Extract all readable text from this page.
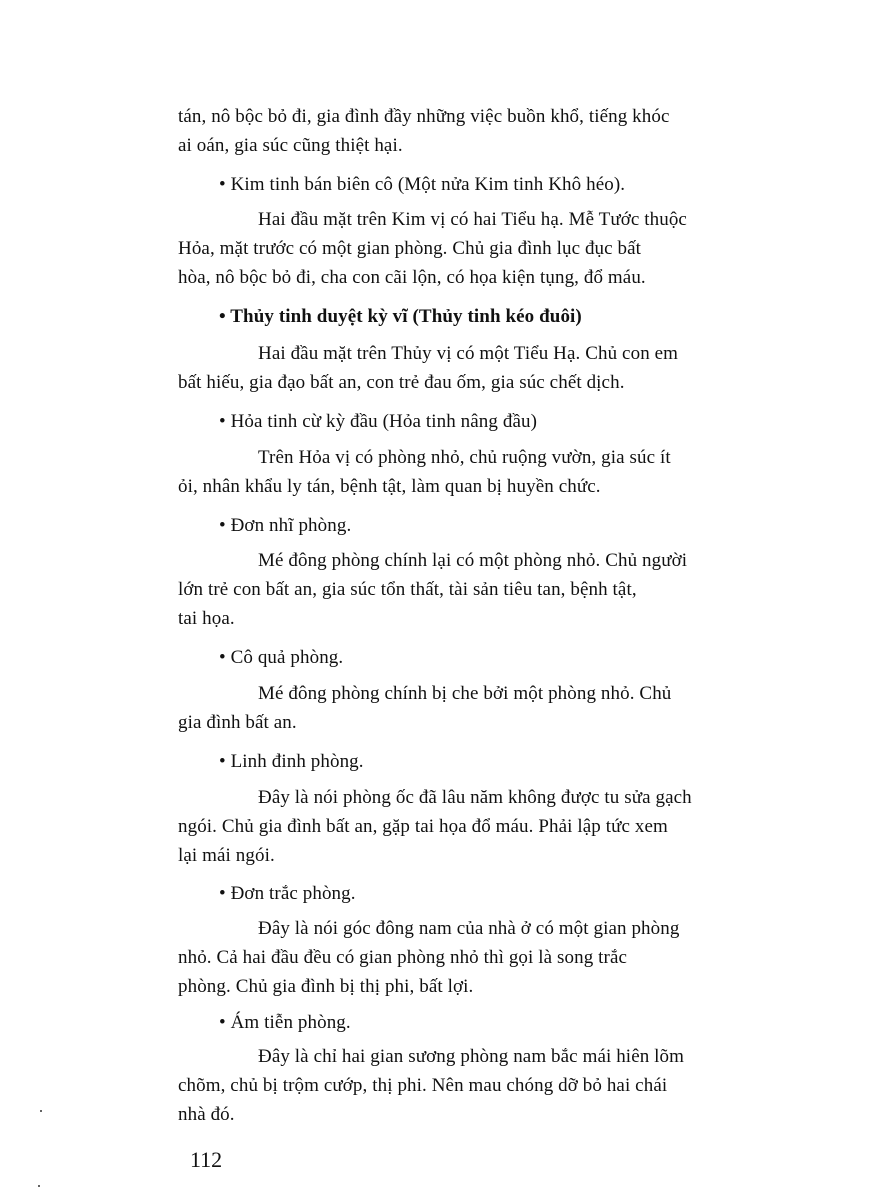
tán, nô bộc bỏ đi, gia đình đầy những việc buồn khổ, tiếng khóc
ai oán, gia súc cũng thiệt hại.
• Kim tinh bán biên cô (Một nửa Kim tinh Khô héo).
Hai đầu mặt trên Kim vị có hai Tiểu hạ. Mễ Tước thuộc
Hỏa, mặt trước có một gian phòng. Chủ gia đình lục đục bất
hòa, nô bộc bỏ đi, cha con cãi lộn, có họa kiện tụng, đổ máu.
• Thủy tinh duyệt kỳ vĩ (Thủy tinh kéo đuôi)
Hai đầu mặt trên Thủy vị có một Tiểu Hạ. Chủ con em
bất hiếu, gia đạo bất an, con trẻ đau ốm, gia súc chết dịch.
• Hỏa tinh cừ kỳ đầu (Hỏa tinh nâng đầu)
Trên Hỏa vị có phòng nhỏ, chủ ruộng vườn, gia súc ít
ỏi, nhân khẩu ly tán, bệnh tật, làm quan bị huyền chức.
• Đơn nhĩ phòng.
Mé đông phòng chính lại có một phòng nhỏ. Chủ người
lớn trẻ con bất an, gia súc tổn thất, tài sản tiêu tan, bệnh tật,
tai họa.
• Cô quả phòng.
Mé đông phòng chính bị che bởi một phòng nhỏ. Chủ
gia đình bất an.
• Linh đinh phòng.
Đây là nói phòng ốc đã lâu năm không được tu sửa gạch
ngói. Chủ gia đình bất an, gặp tai họa đổ máu. Phải lập tức xem
lại mái ngói.
• Đơn trắc phòng.
Đây là nói góc đông nam của nhà ở có một gian phòng
nhỏ. Cả hai đầu đều có gian phòng nhỏ thì gọi là song trắc
phòng. Chủ gia đình bị thị phi, bất lợi.
• Ám tiễn phòng.
Đây là chỉ hai gian sương phòng nam bắc mái hiên lõm
chõm, chủ bị trộm cướp, thị phi. Nên mau chóng dỡ bỏ hai chái
nhà đó.
112
